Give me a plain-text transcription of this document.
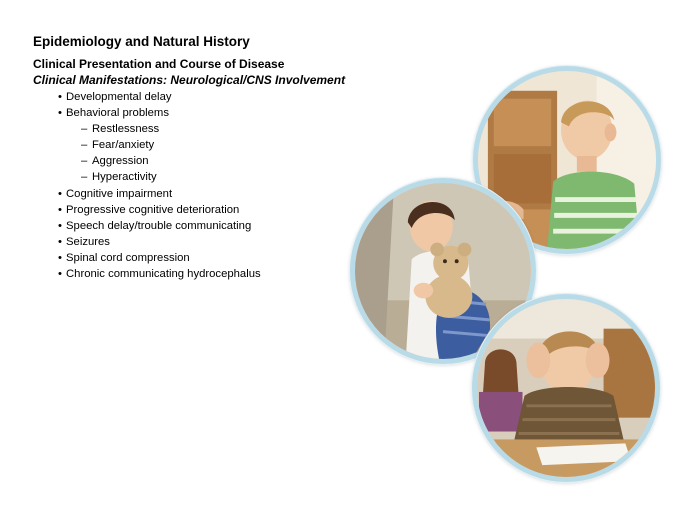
Epidemiology and Natural History
Clinical Presentation and Course of Disease
Clinical Manifestations: Neurological/CNS Involvement
• Developmental delay
• Behavioral problems
– Restlessness
– Fear/anxiety
– Aggression
– Hyperactivity
• Cognitive impairment
• Progressive cognitive deterioration
• Speech delay/trouble communicating
• Seizures
• Spinal cord compression
• Chronic communicating hydrocephalus
